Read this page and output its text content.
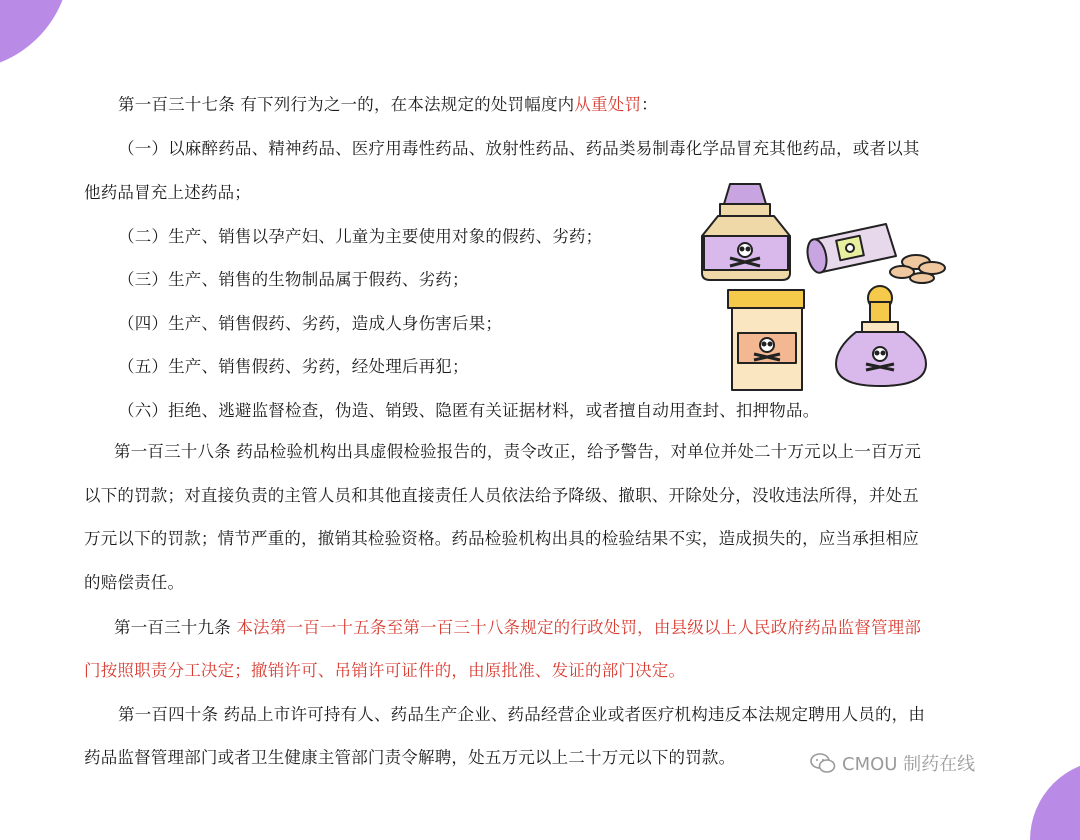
第一百三十七条 有下列行为之一的，在本法规定的处罚幅度内从重处罚：
（一）以麻醉药品、精神药品、医疗用毒性药品、放射性药品、药品类易制毒化学品冒充其他药品，或者以其
他药品冒充上述药品；
（二）生产、销售以孕产妇、儿童为主要使用对象的假药、劣药；
（三）生产、销售的生物制品属于假药、劣药；
（四）生产、销售假药、劣药，造成人身伤害后果；
（五）生产、销售假药、劣药，经处理后再犯；
（六）拒绝、逃避监督检查，伪造、销毁、隐匿有关证据材料，或者擅自动用查封、扣押物品。
第一百三十八条 药品检验机构出具虚假检验报告的，责令改正，给予警告，对单位并处二十万元以上一百万元
以下的罚款；对直接负责的主管人员和其他直接责任人员依法给予降级、撤职、开除处分，没收违法所得，并处五
万元以下的罚款；情节严重的，撤销其检验资格。药品检验机构出具的检验结果不实，造成损失的，应当承担相应
的赔偿责任。
第一百三十九条 本法第一百一十五条至第一百三十八条规定的行政处罚，由县级以上人民政府药品监督管理部
门按照职责分工决定；撤销许可、吊销许可证件的，由原批准、发证的部门决定。
第一百四十条 药品上市许可持有人、药品生产企业、药品经营企业或者医疗机构违反本法规定聘用人员的，由
药品监督管理部门或者卫生健康主管部门责令解聘，处五万元以上二十万元以下的罚款。	CMOU 制药在线
